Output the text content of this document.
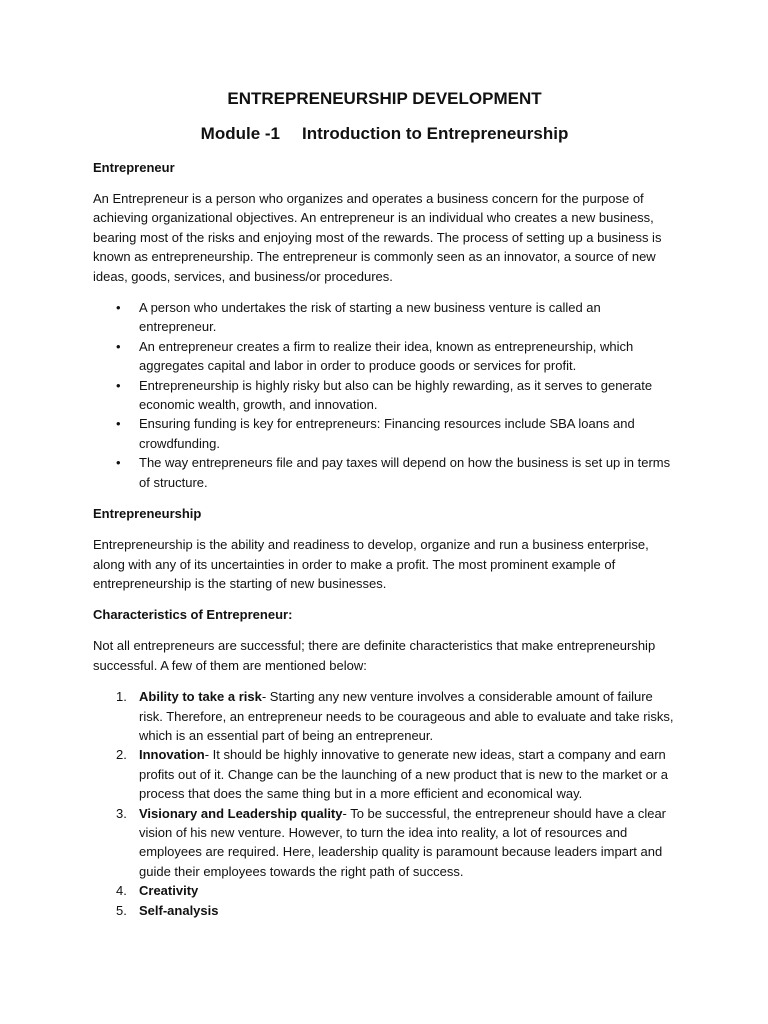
ENTREPRENEURSHIP DEVELOPMENT
Module -1 Introduction to Entrepreneurship
Entrepreneur

An Entrepreneur is a person who organizes and operates a business concern for the purpose of achieving organizational objectives. An entrepreneur is an individual who creates a new business, bearing most of the risks and enjoying most of the rewards. The process of setting up a business is known as entrepreneurship. The entrepreneur is commonly seen as an innovator, a source of new ideas, goods, services, and business/or procedures.

• A person who undertakes the risk of starting a new business venture is called an entrepreneur.
• An entrepreneur creates a firm to realize their idea, known as entrepreneurship, which aggregates capital and labor in order to produce goods or services for profit.
• Entrepreneurship is highly risky but also can be highly rewarding, as it serves to generate economic wealth, growth, and innovation.
• Ensuring funding is key for entrepreneurs: Financing resources include SBA loans and crowdfunding.
• The way entrepreneurs file and pay taxes will depend on how the business is set up in terms of structure.
Entrepreneurship

Entrepreneurship is the ability and readiness to develop, organize and run a business enterprise, along with any of its uncertainties in order to make a profit. The most prominent example of entrepreneurship is the starting of new businesses.

Characteristics of Entrepreneur:

Not all entrepreneurs are successful; there are definite characteristics that make entrepreneurship successful. A few of them are mentioned below:

1. Ability to take a risk- Starting any new venture involves a considerable amount of failure risk. Therefore, an entrepreneur needs to be courageous and able to evaluate and take risks, which is an essential part of being an entrepreneur.
2. Innovation- It should be highly innovative to generate new ideas, start a company and earn profits out of it. Change can be the launching of a new product that is new to the market or a process that does the same thing but in a more efficient and economical way.
3. Visionary and Leadership quality- To be successful, the entrepreneur should have a clear vision of his new venture. However, to turn the idea into reality, a lot of resources and employees are required. Here, leadership quality is paramount because leaders impart and guide their employees towards the right path of success.
4. Creativity
5. Self-analysis
